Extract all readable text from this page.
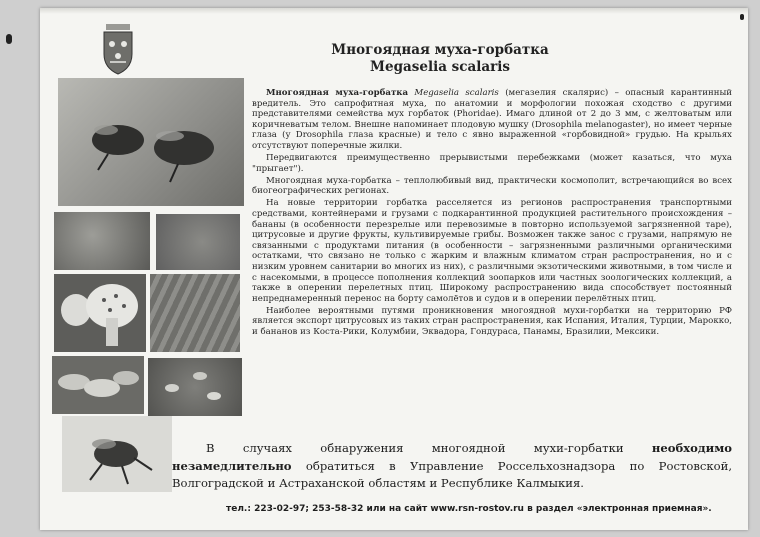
Многоядная муха-горбатка
Megaselia scalaris

Многоядная муха-горбатка Megaselia scalaris (мегазелия скалярис) – опасный карантинный вредитель. Это сапрофитная муха, по анатомии и морфологии похожая сходство с другими представителями семейства мух горбаток (Phoridae). Имаго длиной от 2 до 3 мм, с желтоватым или коричневатым телом. Внешне напоминает плодовую мушку (Drosophila melanogaster), но имеет черные глаза (у Drosophila глаза красные) и тело с явно выраженной «горбовидной» грудью. На крыльях отсутствуют поперечные жилки.

Передвигаются преимущественно прерывистыми перебежками (может казаться, что муха "прыгает").

Многоядная муха-горбатка – теплолюбивый вид, практически космополит, встречающийся во всех биогеографических регионах.

На новые территории горбатка расселяется из регионов распространения транспортными средствами, контейнерами и грузами с подкарантинной продукцией растительного происхождения – бананы (в особенности перезрелые или перевозимые в повторно используемой загрязненной таре), цитрусовые и другие фрукты, культивируемые грибы. Возможен также занос с грузами, напрямую не связанными с продуктами питания (в особенности – загрязненными различными органическими остатками, что связано не только с жарким и влажным климатом стран распространения, но и с низким уровнем санитарии во многих из них), с различными экзотическими животными, в том числе и с насекомыми, в процессе пополнения коллекций зоопарков или частных зоологических коллекций, а также в оперении перелетных птиц. Широкому распространению вида способствует постоянный непреднамеренный перенос на борту самолётов и судов и в оперении перелётных птиц.

Наиболее вероятными путями проникновения многоядной мухи-горбатки на территорию РФ является экспорт цитрусовых из таких стран распространения, как Испания, Италия, Турции, Марокко, и бананов из Коста-Рики, Колумбии, Эквадора, Гондураса, Панамы, Бразилии, Мексики.

В случаях обнаружения многоядной мухи-горбатки необходимо незамедлительно обратиться в Управление Россельхознадзора по Ростовской, Волгоградской и Астраханской областям и Республике Калмыкия.
тел.: 223-02-97; 253-58-32 или на сайт www.rsn-rostov.ru в раздел «электронная приемная».
